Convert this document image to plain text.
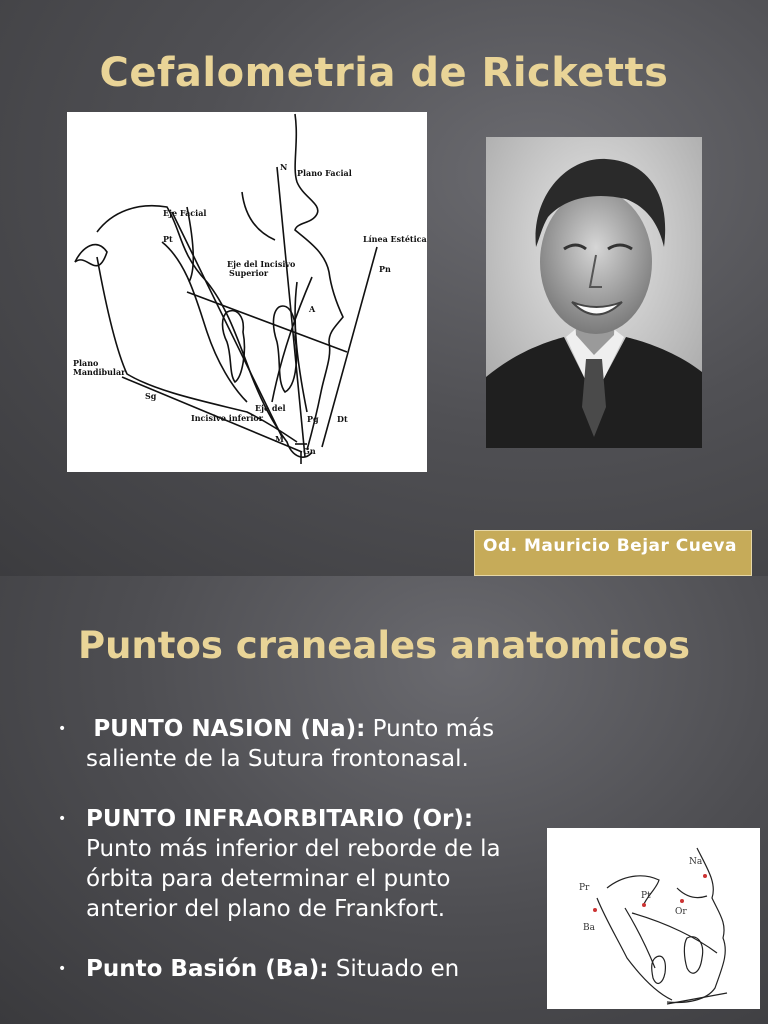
Cefalometria de Ricketts
N
Plano Facial
Eje Facial
Pt	Línea Estética
Eje del Incisivo
Superior	Pn
A
Plano
Mandibular
Sg
Eje del
Incisivo inferior	Pg Dt
M
Gn
Od. Mauricio Bejar Cueva
Puntos craneales anatomicos
• PUNTO NASION (Na): Punto más saliente de la Sutura frontonasal.
• PUNTO INFRAORBITARIO (Or): Punto más inferior del reborde de la órbita para determinar el punto anterior del plano de Frankfort.
• Punto Basión (Ba): Situado en
Na
Pr
Pt
Or
Ba
